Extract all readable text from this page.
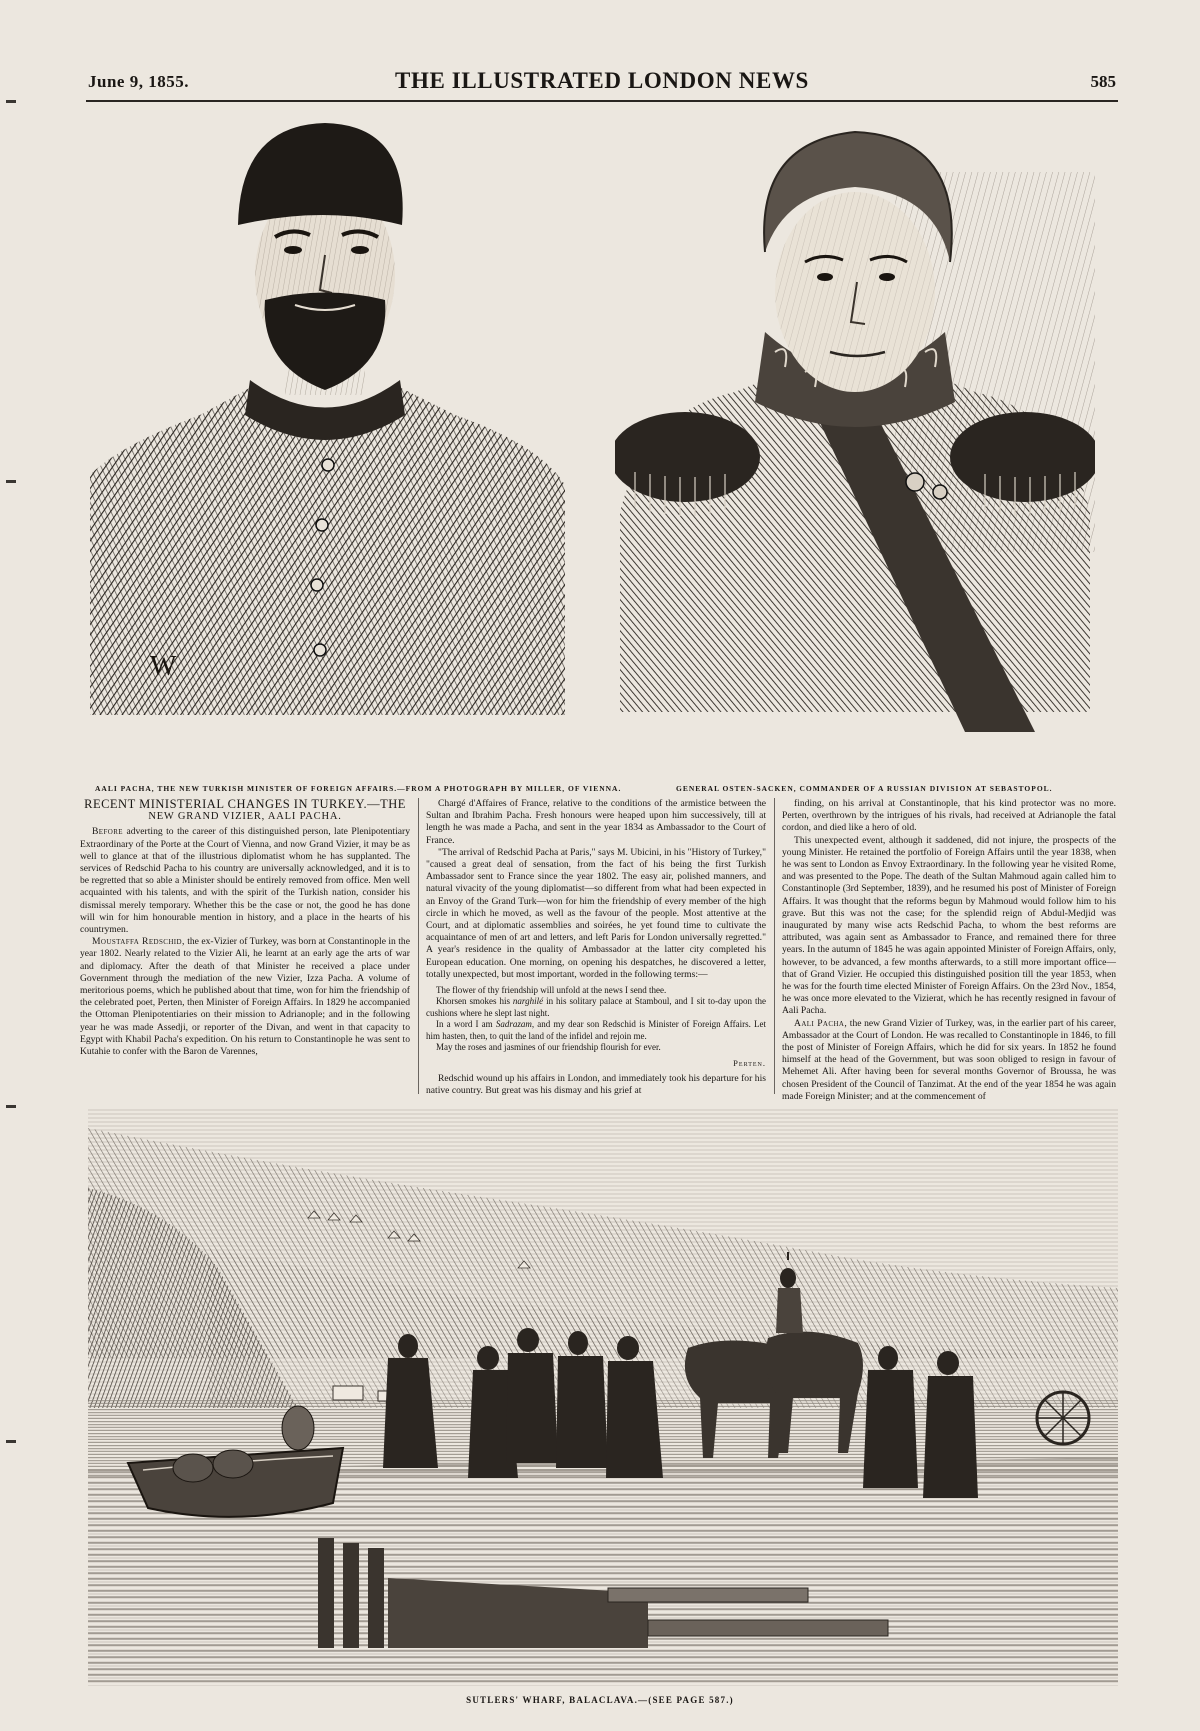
June 9, 1855.	THE ILLUSTRATED LONDON NEWS	585
W
AALI PACHA, THE NEW TURKISH MINISTER OF FOREIGN AFFAIRS.—FROM A PHOTOGRAPH BY MILLER, OF VIENNA.	GENERAL OSTEN-SACKEN, COMMANDER OF A RUSSIAN DIVISION AT SEBASTOPOL.

RECENT MINISTERIAL CHANGES IN TURKEY.—THE

NEW GRAND VIZIER, AALI PACHA.

Before adverting to the career of this distinguished person, late Plenipotentiary Extraordinary of the Porte at the Court of Vienna, and now Grand Vizier, it may be as well to glance at that of the illustrious diplomatist whom he has supplanted. The services of Redschid Pacha to his country are universally acknowledged, and it is to be regretted that so able a Minister should be entirely removed from office. Men well acquainted with his talents, and with the spirit of the Turkish nation, consider his dismissal merely temporary. Whether this be the case or not, the good he has done will win for him honourable mention in history, and a place in the hearts of his countrymen.

Moustaffa Redschid, the ex-Vizier of Turkey, was born at Constantinople in the year 1802. Nearly related to the Vizier Ali, he learnt at an early age the arts of war and diplomacy. After the death of that Minister he received a place under Government through the mediation of the new Vizier, Izza Pacha. A volume of meritorious poems, which he published about that time, won for him the friendship of the celebrated poet, Perten, then Minister of Foreign Affairs. In 1829 he accompanied the Ottoman Plenipotentiaries on their mission to Adrianople; and in the following year he was made Assedji, or reporter of the Divan, and went in that capacity to Egypt with Khabil Pacha's expedition. On his return to Constantinople he was sent to Kutahie to confer with the Baron de Varennes,

Chargé d'Affaires of France, relative to the conditions of the armistice between the Sultan and Ibrahim Pacha. Fresh honours were heaped upon him successively, till at length he was made a Pacha, and sent in the year 1834 as Ambassador to the Court of France.

"The arrival of Redschid Pacha at Paris," says M. Ubicini, in his "History of Turkey," "caused a great deal of sensation, from the fact of his being the first Turkish Ambassador sent to France since the year 1802. The easy air, polished manners, and natural vivacity of the young diplomatist—so different from what had been expected in an Envoy of the Grand Turk—won for him the friendship of every member of the high circle in which he moved, as well as the favour of the people. Most attentive at the Court, and at diplomatic assemblies and soirées, he yet found time to cultivate the acquaintance of men of art and letters, and left Paris for London universally regretted." A year's residence in the quality of Ambassador at the latter city completed his European education. One morning, on opening his despatches, he discovered a letter, totally unexpected, but most important, worded in the following terms:—

The flower of thy friendship will unfold at the news I send thee.

Khorsen smokes his narghilé in his solitary palace at Stamboul, and I sit to-day upon the cushions where he slept last night.

In a word I am Sadrazam, and my dear son Redschid is Minister of Foreign Affairs. Let him hasten, then, to quit the land of the infidel and rejoin me.

May the roses and jasmines of our friendship flourish for ever.

Perten.

Redschid wound up his affairs in London, and immediately took his departure for his native country. But great was his dismay and his grief at

finding, on his arrival at Constantinople, that his kind protector was no more. Perten, overthrown by the intrigues of his rivals, had received at Adrianople the fatal cordon, and died like a hero of old.

This unexpected event, although it saddened, did not injure, the prospects of the young Minister. He retained the portfolio of Foreign Affairs until the year 1838, when he was sent to London as Envoy Extraordinary. In the following year he visited Rome, and was presented to the Pope. The death of the Sultan Mahmoud again called him to Constantinople (3rd September, 1839), and he resumed his post of Minister of Foreign Affairs. It was thought that the reforms begun by Mahmoud would follow him to his grave. But this was not the case; for the splendid reign of Abdul-Medjid was inaugurated by many wise acts Redschid Pacha, to whom the best reforms are attributed, was again sent as Ambassador to France, and remained there for three years. In the autumn of 1845 he was again appointed Minister of Foreign Affairs, only, however, to be advanced, a few months afterwards, to a still more important office—that of Grand Vizier. He occupied this distinguished position till the year 1853, when he was for the fourth time elected Minister of Foreign Affairs. On the 23rd Nov., 1854, he was once more elevated to the Vizierat, which he has recently resigned in favour of Aali Pacha.

Aali Pacha, the new Grand Vizier of Turkey, was, in the earlier part of his career, Ambassador at the Court of London. He was recalled to Constantinople in 1846, to fill the post of Minister of Foreign Affairs, which he did for six years. In 1852 he found himself at the head of the Government, but was soon obliged to resign in favour of Mehemet Ali. After having been for several months Governor of Broussa, he was chosen President of the Council of Tanzimat. At the end of the year 1854 he was again made Foreign Minister; and at the commencement of

SUTLERS' WHARF, BALACLAVA.—(SEE PAGE 587.)
